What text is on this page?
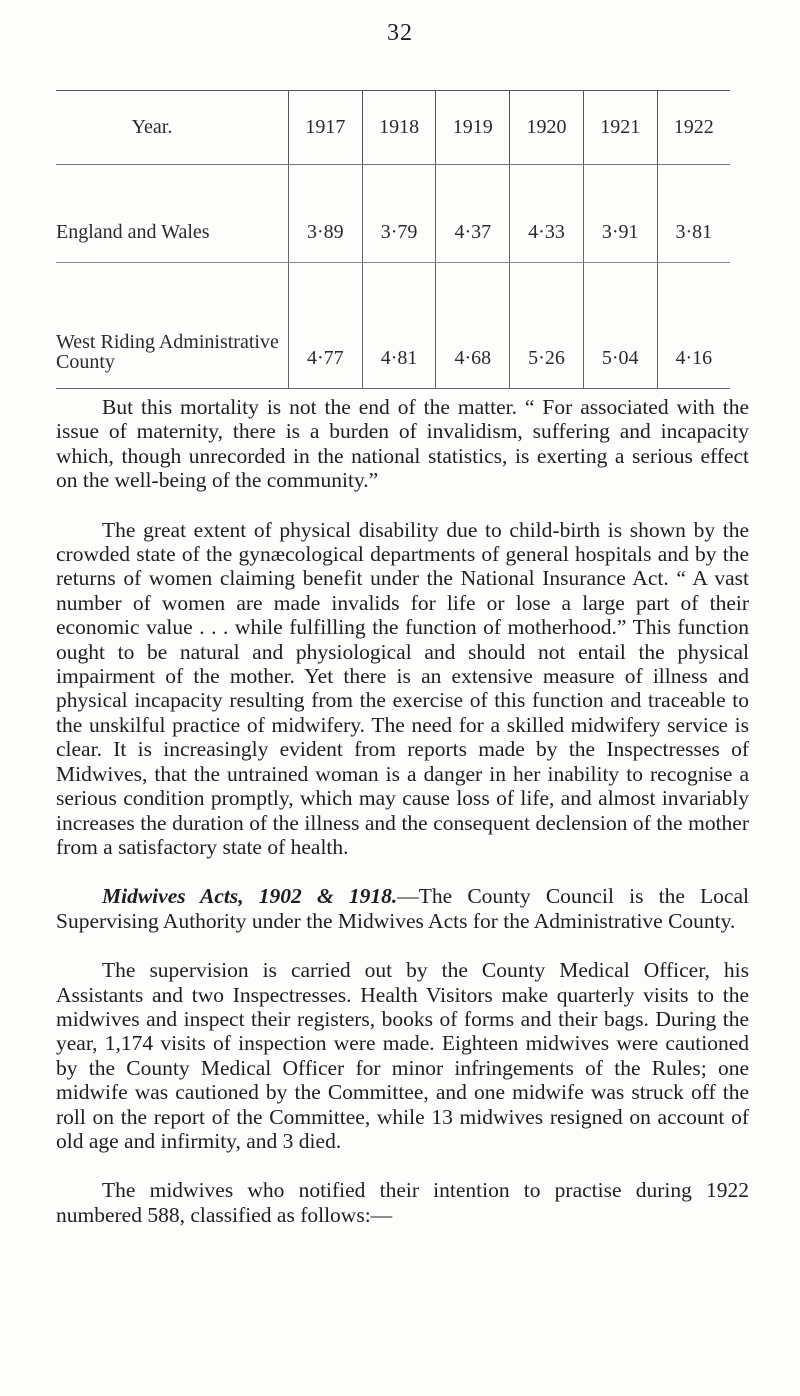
32
Year.	1917	1918	1919	1920	1921	1922
England and Wales	3·89	3·79	4·37	4·33	3·91	3·81
West Riding Administrative County	4·77	4·81	4·68	5·26	5·04	4·16

But this mortality is not the end of the matter. “ For associated with the issue of maternity, there is a burden of invalidism, suffering and incapacity which, though unrecorded in the national statistics, is exerting a serious effect on the well-being of the community.”

The great extent of physical disability due to child-birth is shown by the crowded state of the gynæcological departments of general hospitals and by the returns of women claiming benefit under the National Insurance Act. “ A vast number of women are made invalids for life or lose a large part of their economic value . . . while fulfilling the function of motherhood.” This function ought to be natural and physiological and should not entail the physical impairment of the mother. Yet there is an extensive measure of illness and physical incapacity resulting from the exercise of this function and traceable to the unskilful practice of midwifery. The need for a skilled midwifery service is clear. It is increasingly evident from reports made by the Inspectresses of Midwives, that the untrained woman is a danger in her inability to recognise a serious condition promptly, which may cause loss of life, and almost invariably increases the duration of the illness and the consequent declension of the mother from a satisfactory state of health.

Midwives Acts, 1902 & 1918.—The County Council is the Local Supervising Authority under the Midwives Acts for the Administrative County.

The supervision is carried out by the County Medical Officer, his Assistants and two Inspectresses. Health Visitors make quarterly visits to the midwives and inspect their registers, books of forms and their bags. During the year, 1,174 visits of inspection were made. Eighteen midwives were cautioned by the County Medical Officer for minor infringements of the Rules; one midwife was cautioned by the Committee, and one midwife was struck off the roll on the report of the Committee, while 13 midwives resigned on account of old age and infirmity, and 3 died.

The midwives who notified their intention to practise during 1922 numbered 588, classified as follows:—
